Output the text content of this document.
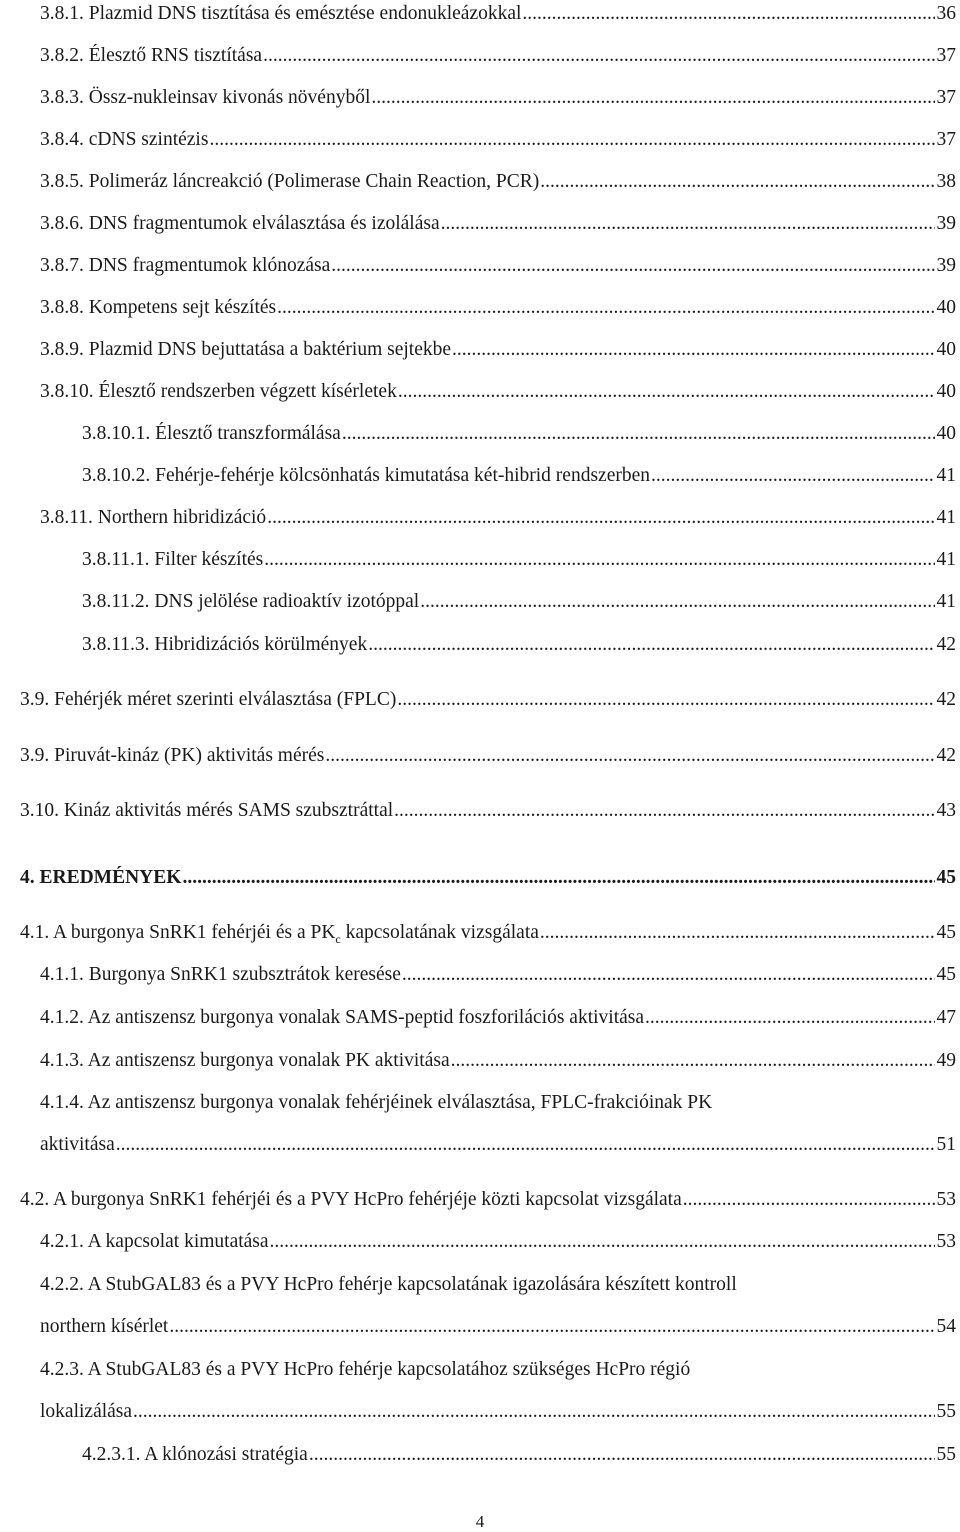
3.8.1. Plazmid DNS tisztítása és emésztése endonukleázokkal .....	36
3.8.2. Élesztő RNS tisztítása .....	37
3.8.3. Össz-nukleinsav kivonás növényből .....	37
3.8.4. cDNS szintézis .....	37
3.8.5. Polimeráz láncreakció (Polimerase Chain Reaction, PCR) .....	38
3.8.6. DNS fragmentumok elválasztása és izolálása .....	39
3.8.7. DNS fragmentumok klónozása .....	39
3.8.8. Kompetens sejt készítés .....	40
3.8.9. Plazmid DNS bejuttatása a baktérium sejtekbe .....	40
3.8.10. Élesztő rendszerben végzett kísérletek .....	40
3.8.10.1. Élesztő transzformálása .....	40
3.8.10.2. Fehérje-fehérje kölcsönhatás kimutatása két-hibrid rendszerben .....	41
3.8.11. Northern hibridizáció .....	41
3.8.11.1. Filter készítés .....	41
3.8.11.2. DNS jelölése radioaktív izotóppal .....	41
3.8.11.3. Hibridizációs körülmények .....	42
3.9. Fehérjék méret szerinti elválasztása (FPLC) .....	42
3.9. Piruvát-kináz (PK) aktivitás mérés .....	42
3.10. Kináz aktivitás mérés SAMS szubsztráttal .....	43
4. EREDMÉNYEK .....	45
4.1. A burgonya SnRK1 fehérjéi és a $PK_c$ kapcsolatának vizsgálata .....	45
4.1.1. Burgonya SnRK1 szubsztrátok keresése .....	45
4.1.2. Az antiszensz burgonya vonalak SAMS-peptid foszforilációs aktivitása .....	47
4.1.3. Az antiszensz burgonya vonalak PK aktivitása .....	49
4.1.4. Az antiszensz burgonya vonalak fehérjéinek elválasztása, FPLC-frakcióinak PK
aktivitása .....	51
4.2. A burgonya SnRK1 fehérjéi és a PVY HcPro fehérjéje közti kapcsolat vizsgálata .....	53
4.2.1. A kapcsolat kimutatása .....	53
4.2.2. A StubGAL83 és a PVY HcPro fehérje kapcsolatának igazolására készített kontroll
northern kísérlet .....	54
4.2.3. A StubGAL83 és a PVY HcPro fehérje kapcsolatához szükséges HcPro régió
lokalizálása .....	55
4.2.3.1. A klónozási stratégia .....	55
4
